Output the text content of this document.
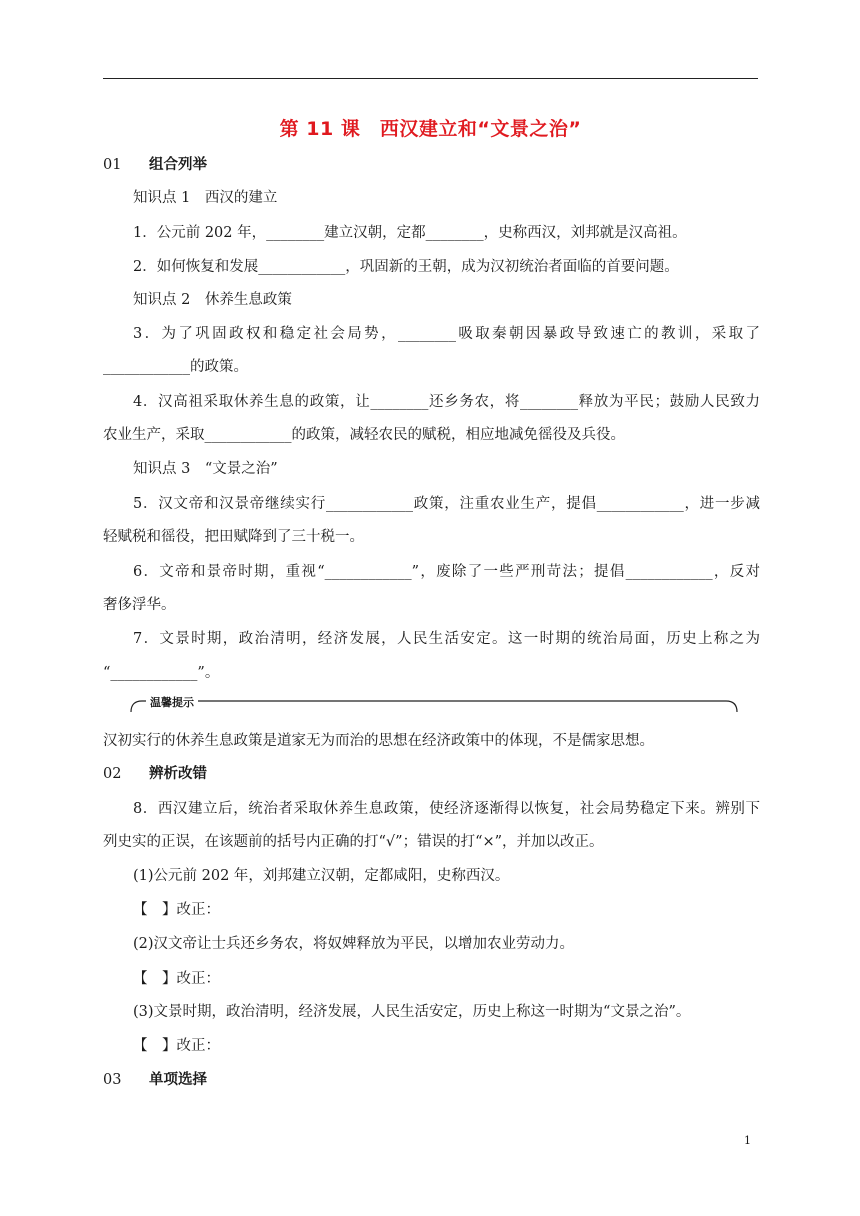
第 11 课　西汉建立和“文景之治”
01 组合列举
知识点 1　西汉的建立
1．公元前 202 年，________建立汉朝，定都________，史称西汉，刘邦就是汉高祖。
2．如何恢复和发展____________，巩固新的王朝，成为汉初统治者面临的首要问题。
知识点 2　休养生息政策
3．为了巩固政权和稳定社会局势，________吸取秦朝因暴政导致速亡的教训，采取了
____________的政策。
4．汉高祖采取休养生息的政策，让________还乡务农，将________释放为平民；鼓励人民致力
农业生产，采取____________的政策，减轻农民的赋税，相应地减免徭役及兵役。
知识点 3　“文景之治”
5．汉文帝和汉景帝继续实行____________政策，注重农业生产，提倡____________，进一步减
轻赋税和徭役，把田赋降到了三十税一。
6．文帝和景帝时期，重视“____________”，废除了一些严刑苛法；提倡____________，反对
奢侈浮华。
7．文景时期，政治清明，经济发展，人民生活安定。这一时期的统治局面，历史上称之为
“____________”。
温馨提示
汉初实行的休养生息政策是道家无为而治的思想在经济政策中的体现，不是儒家思想。
02 辨析改错
8．西汉建立后，统治者采取休养生息政策，使经济逐渐得以恢复，社会局势稳定下来。辨别下
列史实的正误，在该题前的括号内正确的打“√”；错误的打“×”，并加以改正。
(1)公元前 202 年，刘邦建立汉朝，定都咸阳，史称西汉。
【　】改正：
(2)汉文帝让士兵还乡务农，将奴婢释放为平民，以增加农业劳动力。
【　】改正：
(3)文景时期，政治清明，经济发展，人民生活安定，历史上称这一时期为“文景之治”。
【　】改正：
03 单项选择
1
